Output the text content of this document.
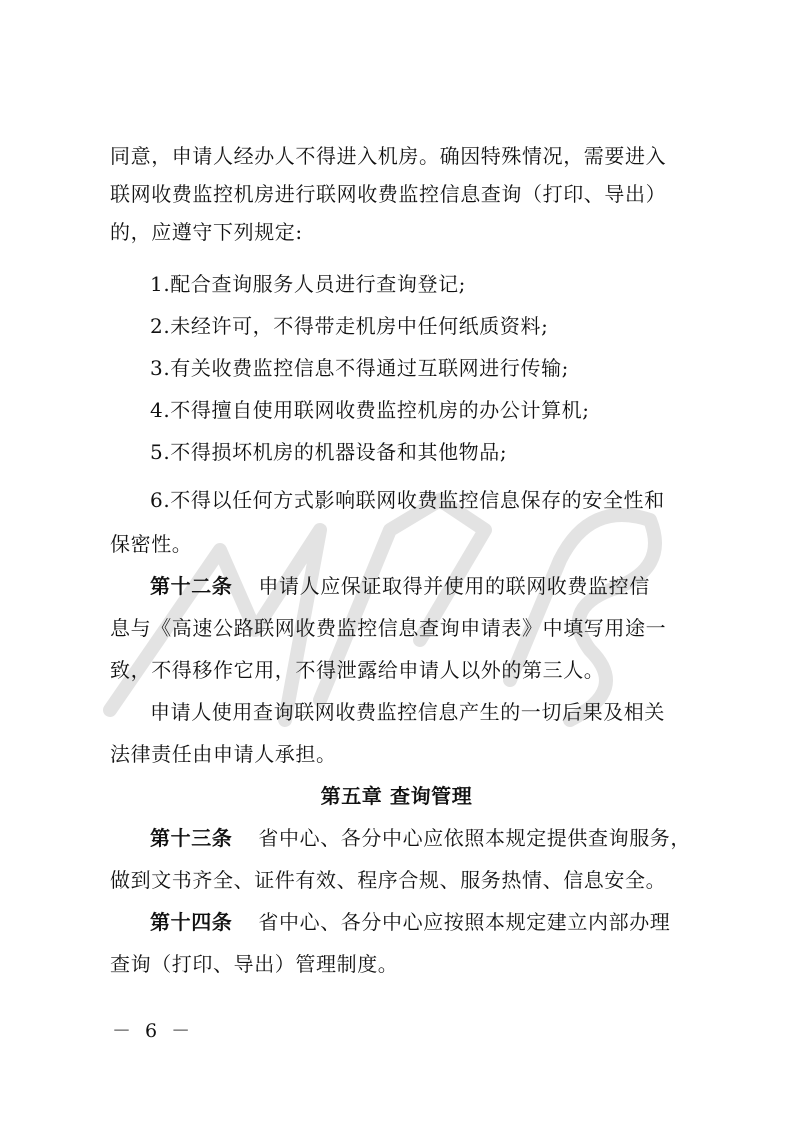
同意，申请人经办人不得进入机房。确因特殊情况，需要进入
联网收费监控机房进行联网收费监控信息查询（打印、导出）
的，应遵守下列规定:
1.配合查询服务人员进行查询登记;
2.未经许可，不得带走机房中任何纸质资料;
3.有关收费监控信息不得通过互联网进行传输;
4.不得擅自使用联网收费监控机房的办公计算机;
5.不得损坏机房的机器设备和其他物品;
6.不得以任何方式影响联网收费监控信息保存的安全性和
保密性。
第十二条 申请人应保证取得并使用的联网收费监控信
息与《高速公路联网收费监控信息查询申请表》中填写用途一
致，不得移作它用，不得泄露给申请人以外的第三人。
申请人使用查询联网收费监控信息产生的一切后果及相关
法律责任由申请人承担。
第五章 查询管理
第十三条 省中心、各分中心应依照本规定提供查询服务，
做到文书齐全、证件有效、程序合规、服务热情、信息安全。
第十四条 省中心、各分中心应按照本规定建立内部办理
查询（打印、导出）管理制度。
－ 6 －
